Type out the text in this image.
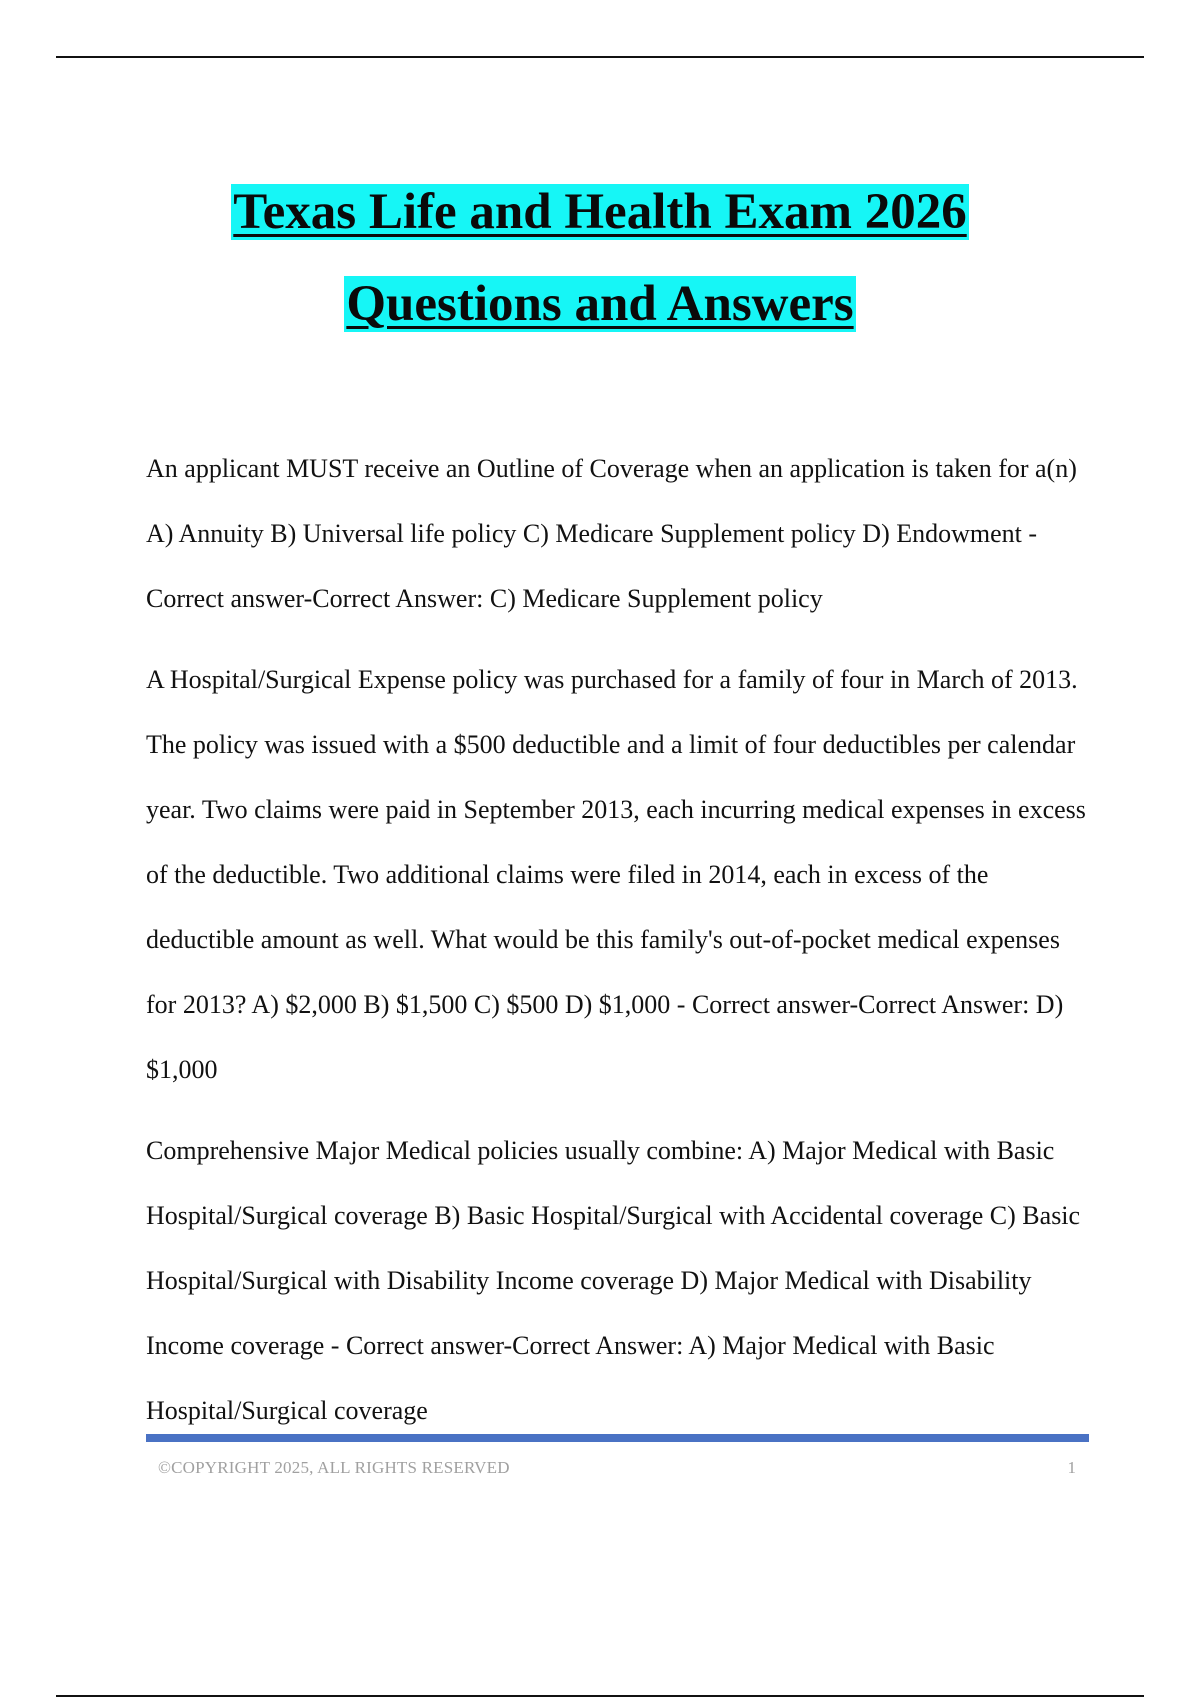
Texas Life and Health Exam 2026
Questions and Answers

An applicant MUST receive an Outline of Coverage when an application is taken for a(n) A) Annuity B) Universal life policy C) Medicare Supplement policy D) Endowment - Correct answer-Correct Answer: C) Medicare Supplement policy

A Hospital/Surgical Expense policy was purchased for a family of four in March of 2013. The policy was issued with a $500 deductible and a limit of four deductibles per calendar year. Two claims were paid in September 2013, each incurring medical expenses in excess of the deductible. Two additional claims were filed in 2014, each in excess of the deductible amount as well. What would be this family's out-of-pocket medical expenses for 2013? A) $2,000 B) $1,500 C) $500 D) $1,000 - Correct answer-Correct Answer: D) $1,000

Comprehensive Major Medical policies usually combine: A) Major Medical with Basic Hospital/Surgical coverage B) Basic Hospital/Surgical with Accidental coverage C) Basic Hospital/Surgical with Disability Income coverage D) Major Medical with Disability Income coverage - Correct answer-Correct Answer: A) Major Medical with Basic Hospital/Surgical coverage

©COPYRIGHT 2025, ALL RIGHTS RESERVED	1
